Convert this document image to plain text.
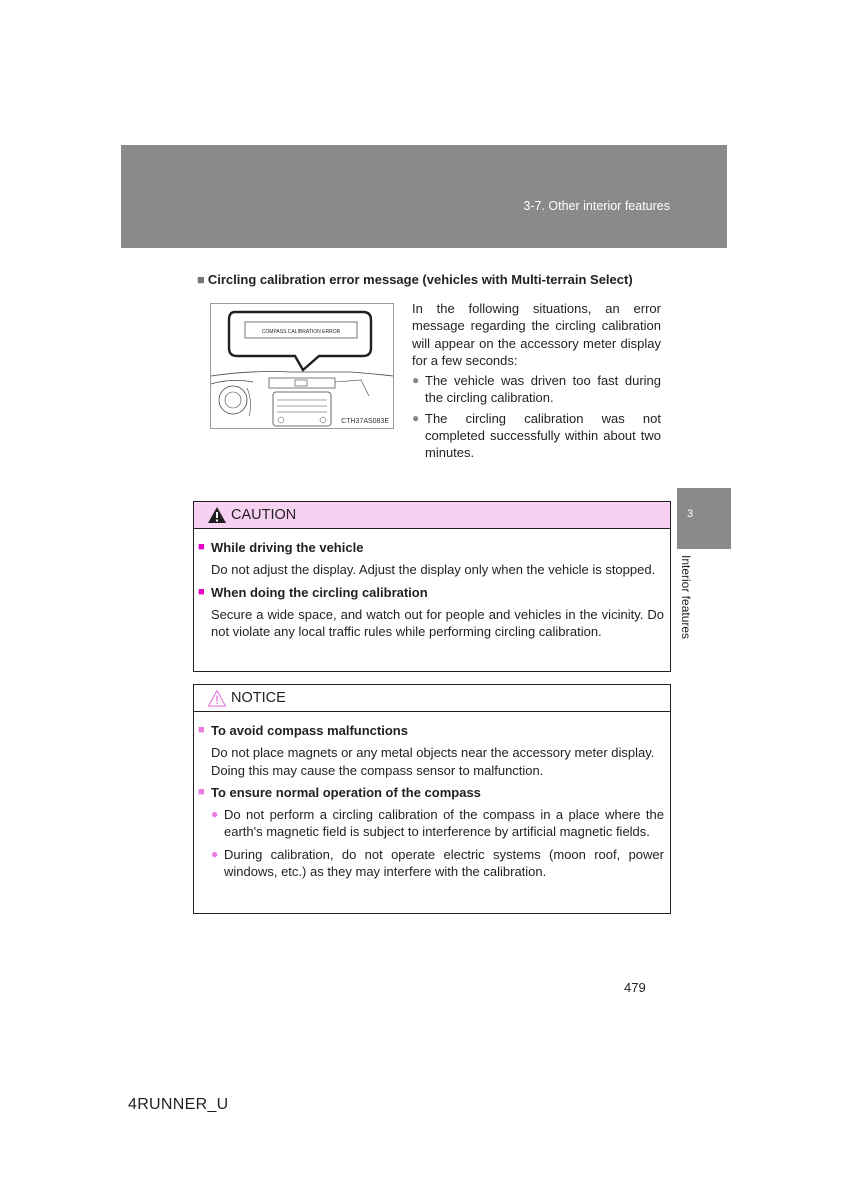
3-7. Other interior features
3
Interior features
■ Circling calibration error message (vehicles with Multi-terrain Select)
COMPASS CALIBRATION ERROR
CTH37AS083E

In the following situations, an error message regarding the circling calibration will appear on the accessory meter display for a few seconds:

● The vehicle was driven too fast during the circling calibration.
● The circling calibration was not completed successfully within about two minutes.
CAUTION
■ While driving the vehicle

Do not adjust the display. Adjust the display only when the vehicle is stopped.

■ When doing the circling calibration

Secure a wide space, and watch out for people and vehicles in the vicinity. Do not violate any local traffic rules while performing circling calibration.

NOTICE
■ To avoid compass malfunctions

Do not place magnets or any metal objects near the accessory meter display.

Doing this may cause the compass sensor to malfunction.

■ To ensure normal operation of the compass
● Do not perform a circling calibration of the compass in a place where the earth's magnetic field is subject to interference by artificial magnetic fields.
● During calibration, do not operate electric systems (moon roof, power windows, etc.) as they may interfere with the calibration.
479
4RUNNER_U
